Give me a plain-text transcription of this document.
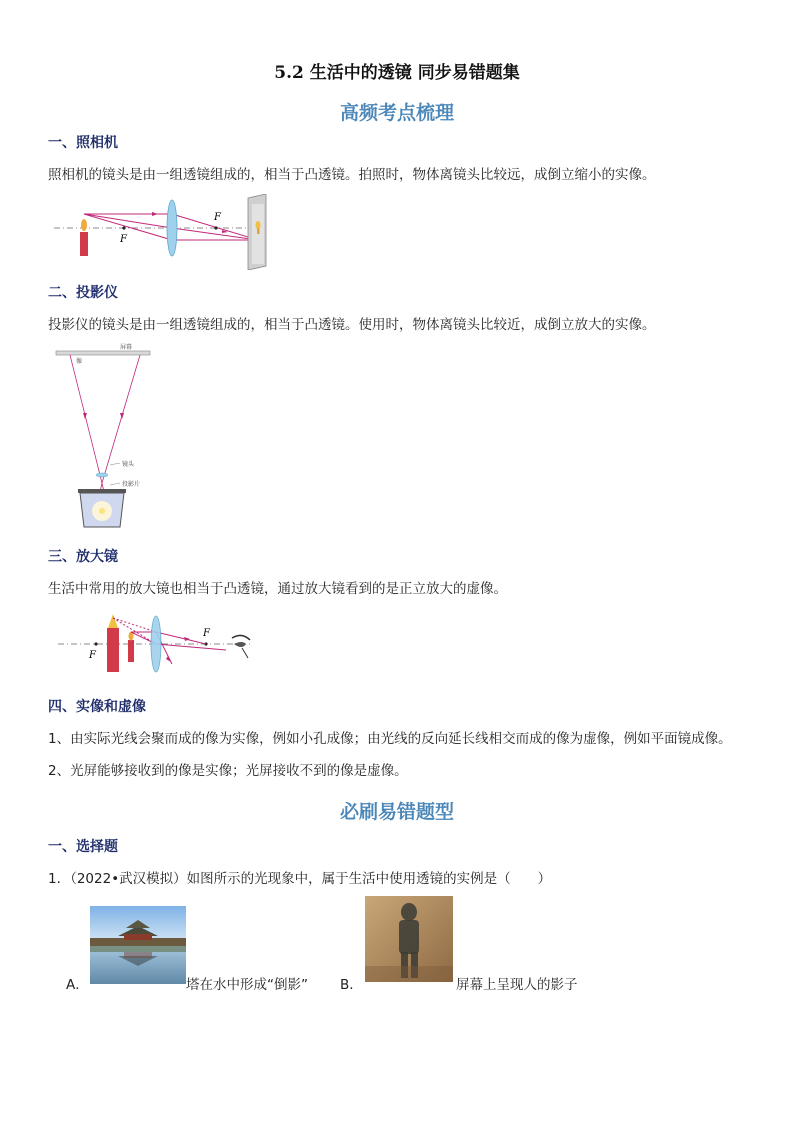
5.2 生活中的透镜 同步易错题集
高频考点梳理
一、照相机
照相机的镜头是由一组透镜组成的，相当于凸透镜。拍照时，物体离镜头比较远，成倒立缩小的实像。
F
F
二、投影仪
投影仪的镜头是由一组透镜组成的，相当于凸透镜。使用时，物体离镜头比较近，成倒立放大的实像。
屏幕
像
镜头
投影片
三、放大镜
生活中常用的放大镜也相当于凸透镜，通过放大镜看到的是正立放大的虚像。
F
F
四、实像和虚像
1、由实际光线会聚而成的像为实像，例如小孔成像；由光线的反向延长线相交而成的像为虚像，例如平面镜成像。
2、光屏能够接收到的像是实像；光屏接收不到的像是虚像。
必刷易错题型
一、选择题
1．（2022•武汉模拟）如图所示的光现象中，属于生活中使用透镜的实例是（　　）
A．	塔在水中形成“倒影” B．	屏幕上呈现人的影子
